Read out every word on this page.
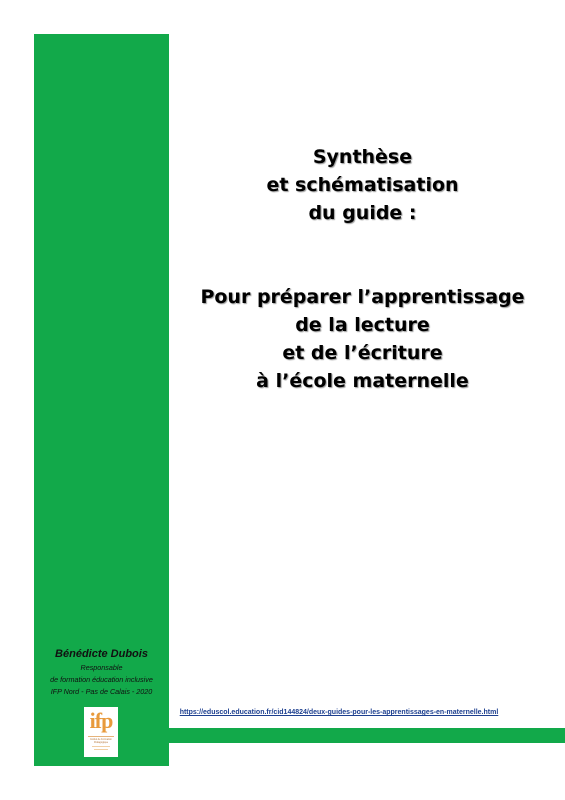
Synthèse
et schématisation
du guide :
Pour préparer l’apprentissage
de la lecture
et de l’écriture
à l’école maternelle
Bénédicte Dubois
Responsable
de formation éducation inclusive
IFP Nord - Pas de Calais - 2020
ifp
Institut de Formation
Pédagogique
https://eduscol.education.fr/cid144824/deux-guides-pour-les-apprentissages-en-maternelle.html
